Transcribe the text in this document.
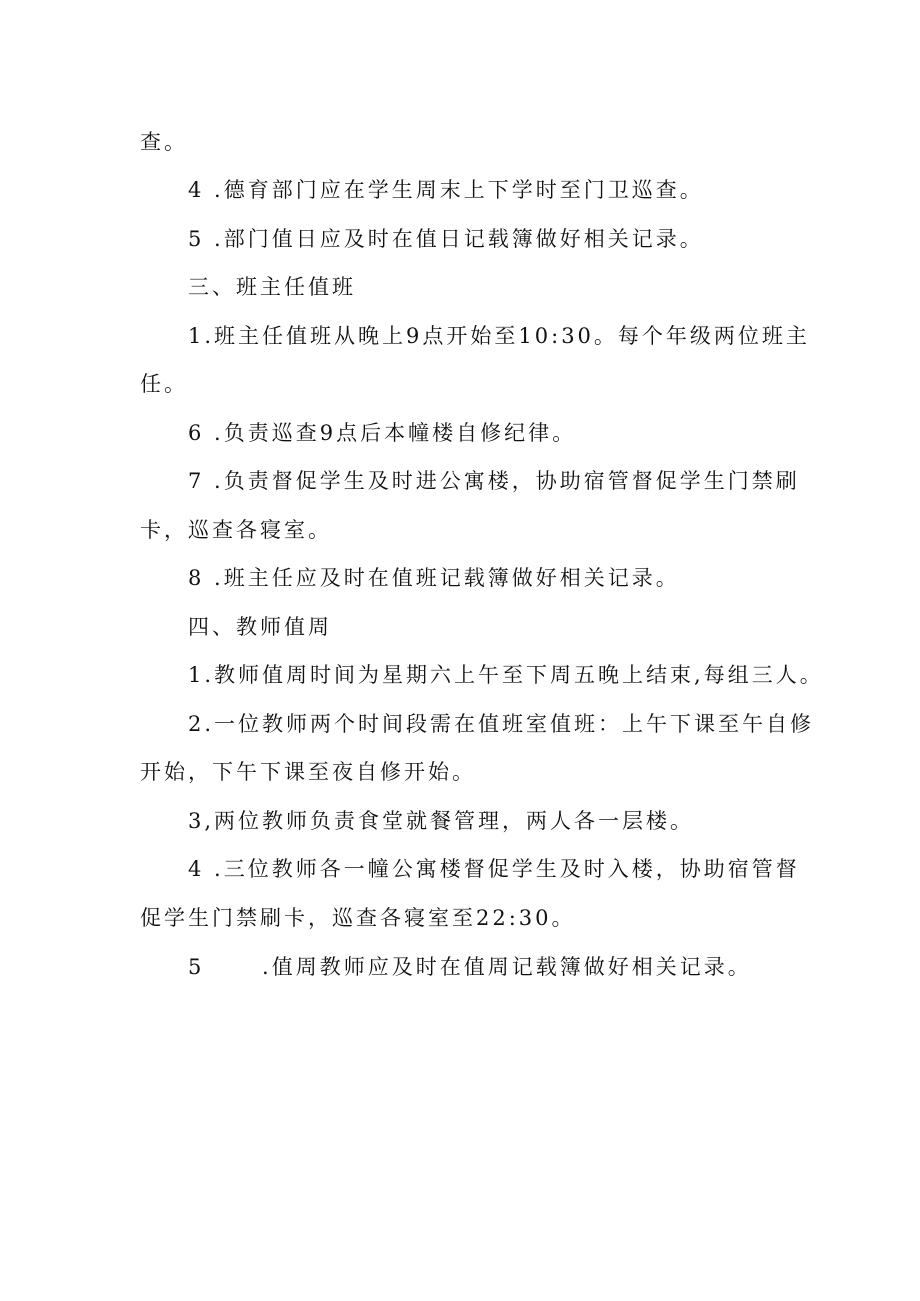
查。
4 .德育部门应在学生周末上下学时至门卫巡查。
5 .部门值日应及时在值日记载簿做好相关记录。
三、班主任值班
1.班主任值班从晚上9点开始至10:30。每个年级两位班主
任。
6 .负责巡查9点后本幢楼自修纪律。
7 .负责督促学生及时进公寓楼，协助宿管督促学生门禁刷
卡，巡查各寝室。
8 .班主任应及时在值班记载簿做好相关记录。
四、教师值周
1.教师值周时间为星期六上午至下周五晚上结束,每组三人。
2.一位教师两个时间段需在值班室值班：上午下课至午自修
开始，下午下课至夜自修开始。
3,两位教师负责食堂就餐管理，两人各一层楼。
4 .三位教师各一幢公寓楼督促学生及时入楼，协助宿管督
促学生门禁刷卡，巡查各寝室至22:30。
5 　　.值周教师应及时在值周记载簿做好相关记录。
